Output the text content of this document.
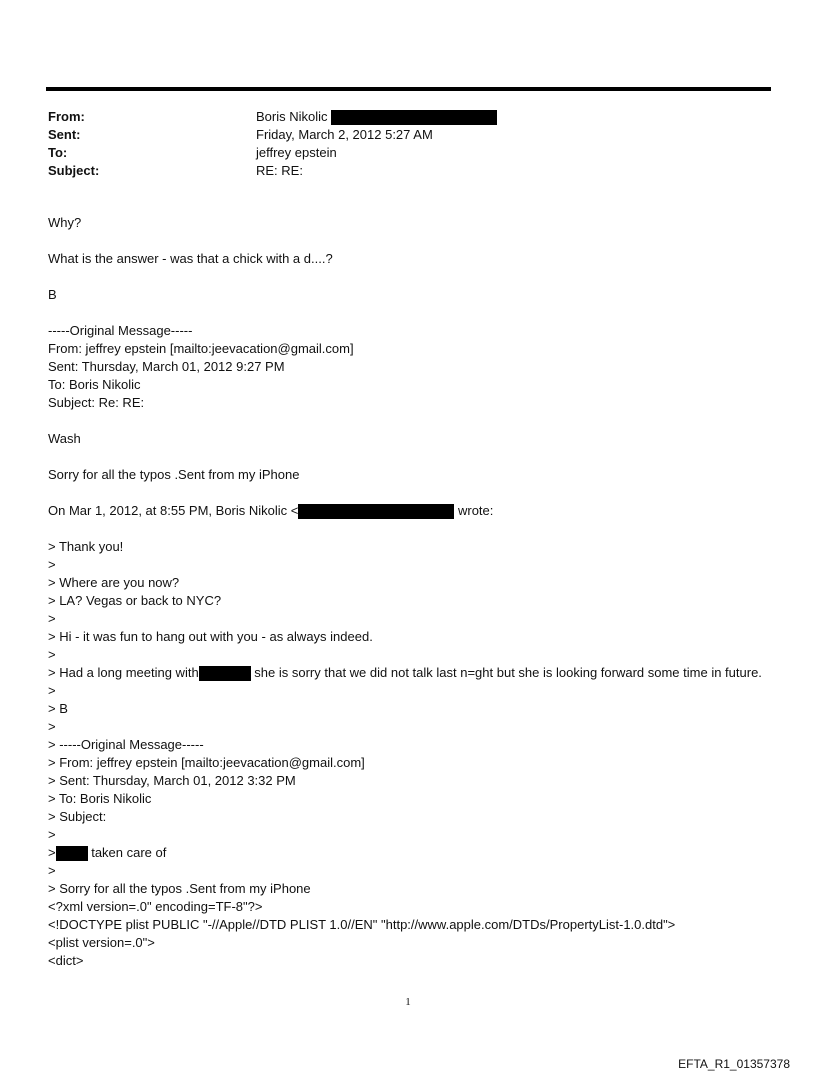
From:	Boris Nikolic
Sent:	Friday, March 2, 2012 5:27 AM
To:	jeffrey epstein
Subject:	RE: RE:
Why?
What is the answer - was that a chick with a d....?
B
-----Original Message-----
From: jeffrey epstein [mailto:jeevacation@gmail.com]
Sent: Thursday, March 01, 2012 9:27 PM
To: Boris Nikolic
Subject: Re: RE:
Wash
Sorry for all the typos .Sent from my iPhone
On Mar 1, 2012, at 8:55 PM, Boris Nikolic <	wrote:
> Thank you!
>
> Where are you now?
> LA? Vegas or back to NYC?
>
> Hi - it was fun to hang out with you - as always indeed.
>
> Had a long meeting with	she is sorry that we did not talk last n=ght but she is looking forward some time in future.
>
> B
>
> -----Original Message-----
> From: jeffrey epstein [mailto:jeevacation@gmail.com]
> Sent: Thursday, March 01, 2012 3:32 PM
> To: Boris Nikolic
> Subject:
>
> taken care of
>
> Sorry for all the typos .Sent from my iPhone
<?xml version=.0" encoding=TF-8"?>
<!DOCTYPE plist PUBLIC "-//Apple//DTD PLIST 1.0//EN" "http://www.apple.com/DTDs/PropertyList-1.0.dtd">
<plist version=.0">
<dict>
1
EFTA_R1_01357378
